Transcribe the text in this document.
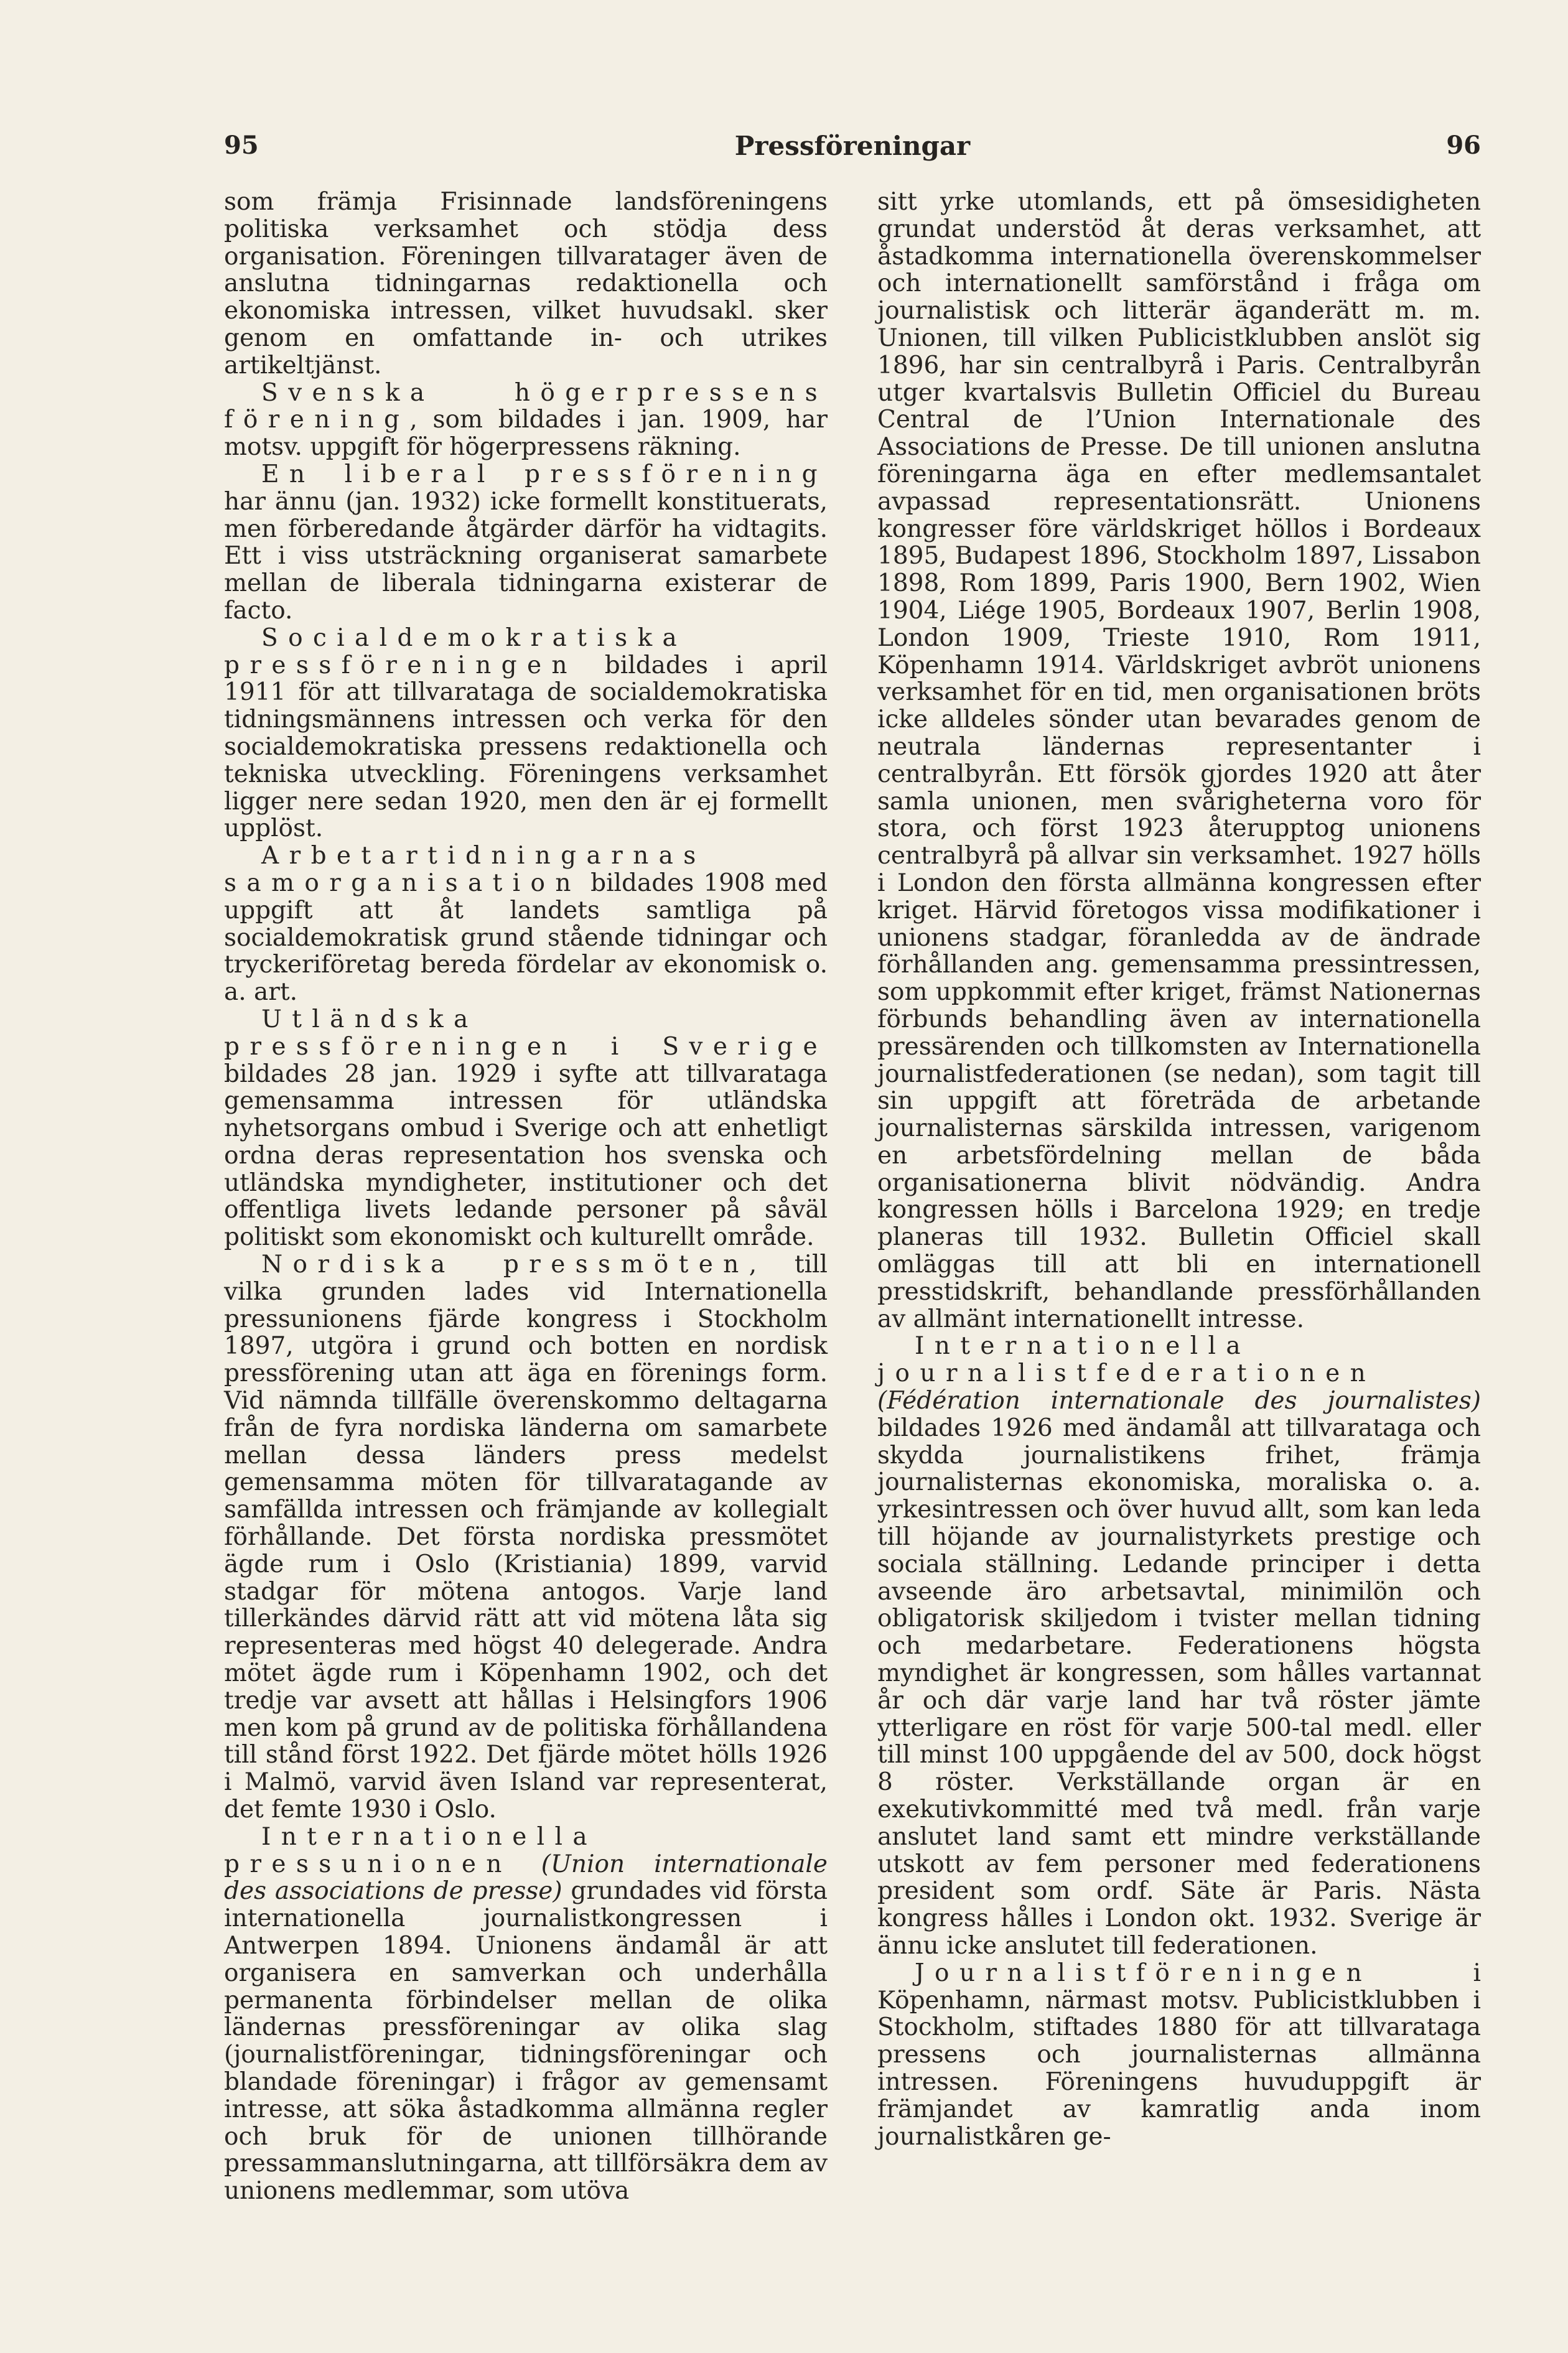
95	Pressföreningar	96

som främja Frisinnade landsföreningens politiska verksamhet och stödja dess organisation. Föreningen tillvaratager även de anslutna tidningarnas redaktionella och ekonomiska intressen, vilket huvudsakl. sker genom en omfattande in- och utrikes artikeltjänst.

Svenska högerpressens förening, som bildades i jan. 1909, har motsv. uppgift för högerpressens räkning.

En liberal pressförening har ännu (jan. 1932) icke formellt konstituerats, men förberedande åtgärder därför ha vidtagits. Ett i viss utsträckning organiserat samarbete mellan de liberala tidningarna existerar de facto.

Socialdemokratiska pressföreningen bildades i april 1911 för att tillvarataga de socialdemokratiska tidningsmännens intressen och verka för den socialdemokratiska pressens redaktionella och tekniska utveckling. Föreningens verksamhet ligger nere sedan 1920, men den är ej formellt upplöst.

Arbetartidningarnas samorganisation bildades 1908 med uppgift att åt landets samtliga på socialdemokratisk grund stående tidningar och tryckeriföretag bereda fördelar av ekonomisk o. a. art.

Utländska pressföreningen i Sverige bildades 28 jan. 1929 i syfte att tillvarataga gemensamma intressen för utländska nyhetsorgans ombud i Sverige och att enhetligt ordna deras representation hos svenska och utländska myndigheter, institutioner och det offentliga livets ledande personer på såväl politiskt som ekonomiskt och kulturellt område.

Nordiska pressmöten, till vilka grunden lades vid Internationella pressunionens fjärde kongress i Stockholm 1897, utgöra i grund och botten en nordisk pressförening utan att äga en förenings form. Vid nämnda tillfälle överenskommo deltagarna från de fyra nordiska länderna om samarbete mellan dessa länders press medelst gemensamma möten för tillvaratagande av samfällda intressen och främjande av kollegialt förhållande. Det första nordiska pressmötet ägde rum i Oslo (Kristiania) 1899, varvid stadgar för mötena antogos. Varje land tillerkändes därvid rätt att vid mötena låta sig representeras med högst 40 delegerade. Andra mötet ägde rum i Köpenhamn 1902, och det tredje var avsett att hållas i Helsingfors 1906 men kom på grund av de politiska förhållandena till stånd först 1922. Det fjärde mötet hölls 1926 i Malmö, varvid även Island var representerat, det femte 1930 i Oslo.

Internationella pressunionen (Union internationale des associations de presse) grundades vid första internationella journalistkongressen i Antwerpen 1894. Unionens ändamål är att organisera en samverkan och underhålla permanenta förbindelser mellan de olika ländernas pressföreningar av olika slag (journalistföreningar, tidningsföreningar och blandade föreningar) i frågor av gemensamt intresse, att söka åstadkomma allmänna regler och bruk för de unionen tillhörande pressammanslutningarna, att tillförsäkra dem av unionens medlemmar, som utöva

sitt yrke utomlands, ett på ömsesidigheten grundat understöd åt deras verksamhet, att åstadkomma internationella överenskommelser och internationellt samförstånd i fråga om journalistisk och litterär äganderätt m. m. Unionen, till vilken Publicistklubben anslöt sig 1896, har sin centralbyrå i Paris. Centralbyrån utger kvartalsvis Bulletin Officiel du Bureau Central de l’Union Internationale des Associations de Presse. De till unionen anslutna föreningarna äga en efter medlemsantalet avpassad representationsrätt. Unionens kongresser före världskriget höllos i Bordeaux 1895, Budapest 1896, Stockholm 1897, Lissabon 1898, Rom 1899, Paris 1900, Bern 1902, Wien 1904, Liége 1905, Bordeaux 1907, Berlin 1908, London 1909, Trieste 1910, Rom 1911, Köpenhamn 1914. Världskriget avbröt unionens verksamhet för en tid, men organisationen bröts icke alldeles sönder utan bevarades genom de neutrala ländernas representanter i centralbyrån. Ett försök gjordes 1920 att åter samla unionen, men svårigheterna voro för stora, och först 1923 återupptog unionens centralbyrå på allvar sin verksamhet. 1927 hölls i London den första allmänna kongressen efter kriget. Härvid företogos vissa modifikationer i unionens stadgar, föranledda av de ändrade förhållanden ang. gemensamma pressintressen, som uppkommit efter kriget, främst Nationernas förbunds behandling även av internationella pressärenden och tillkomsten av Internationella journalistfederationen (se nedan), som tagit till sin uppgift att företräda de arbetande journalisternas särskilda intressen, varigenom en arbetsfördelning mellan de båda organisationerna blivit nödvändig. Andra kongressen hölls i Barcelona 1929; en tredje planeras till 1932. Bulletin Officiel skall omläggas till att bli en internationell presstidskrift, behandlande pressförhållanden av allmänt internationellt intresse.

Internationella journalistfederationen (Fédération internationale des journalistes) bildades 1926 med ändamål att tillvarataga och skydda journalistikens frihet, främja journalisternas ekonomiska, moraliska o. a. yrkesintressen och över huvud allt, som kan leda till höjande av journalistyrkets prestige och sociala ställning. Ledande principer i detta avseende äro arbetsavtal, minimilön och obligatorisk skiljedom i tvister mellan tidning och medarbetare. Federationens högsta myndighet är kongressen, som hålles vartannat år och där varje land har två röster jämte ytterligare en röst för varje 500-tal medl. eller till minst 100 uppgående del av 500, dock högst 8 röster. Verkställande organ är en exekutivkommitté med två medl. från varje anslutet land samt ett mindre verkställande utskott av fem personer med federationens president som ordf. Säte är Paris. Nästa kongress hålles i London okt. 1932. Sverige är ännu icke anslutet till federationen.

Journalistföreningen i Köpenhamn, närmast motsv. Publicistklubben i Stockholm, stiftades 1880 för att tillvarataga pressens och journalisternas allmänna intressen. Föreningens huvuduppgift är främjandet av kamratlig anda inom journalistkåren ge-
